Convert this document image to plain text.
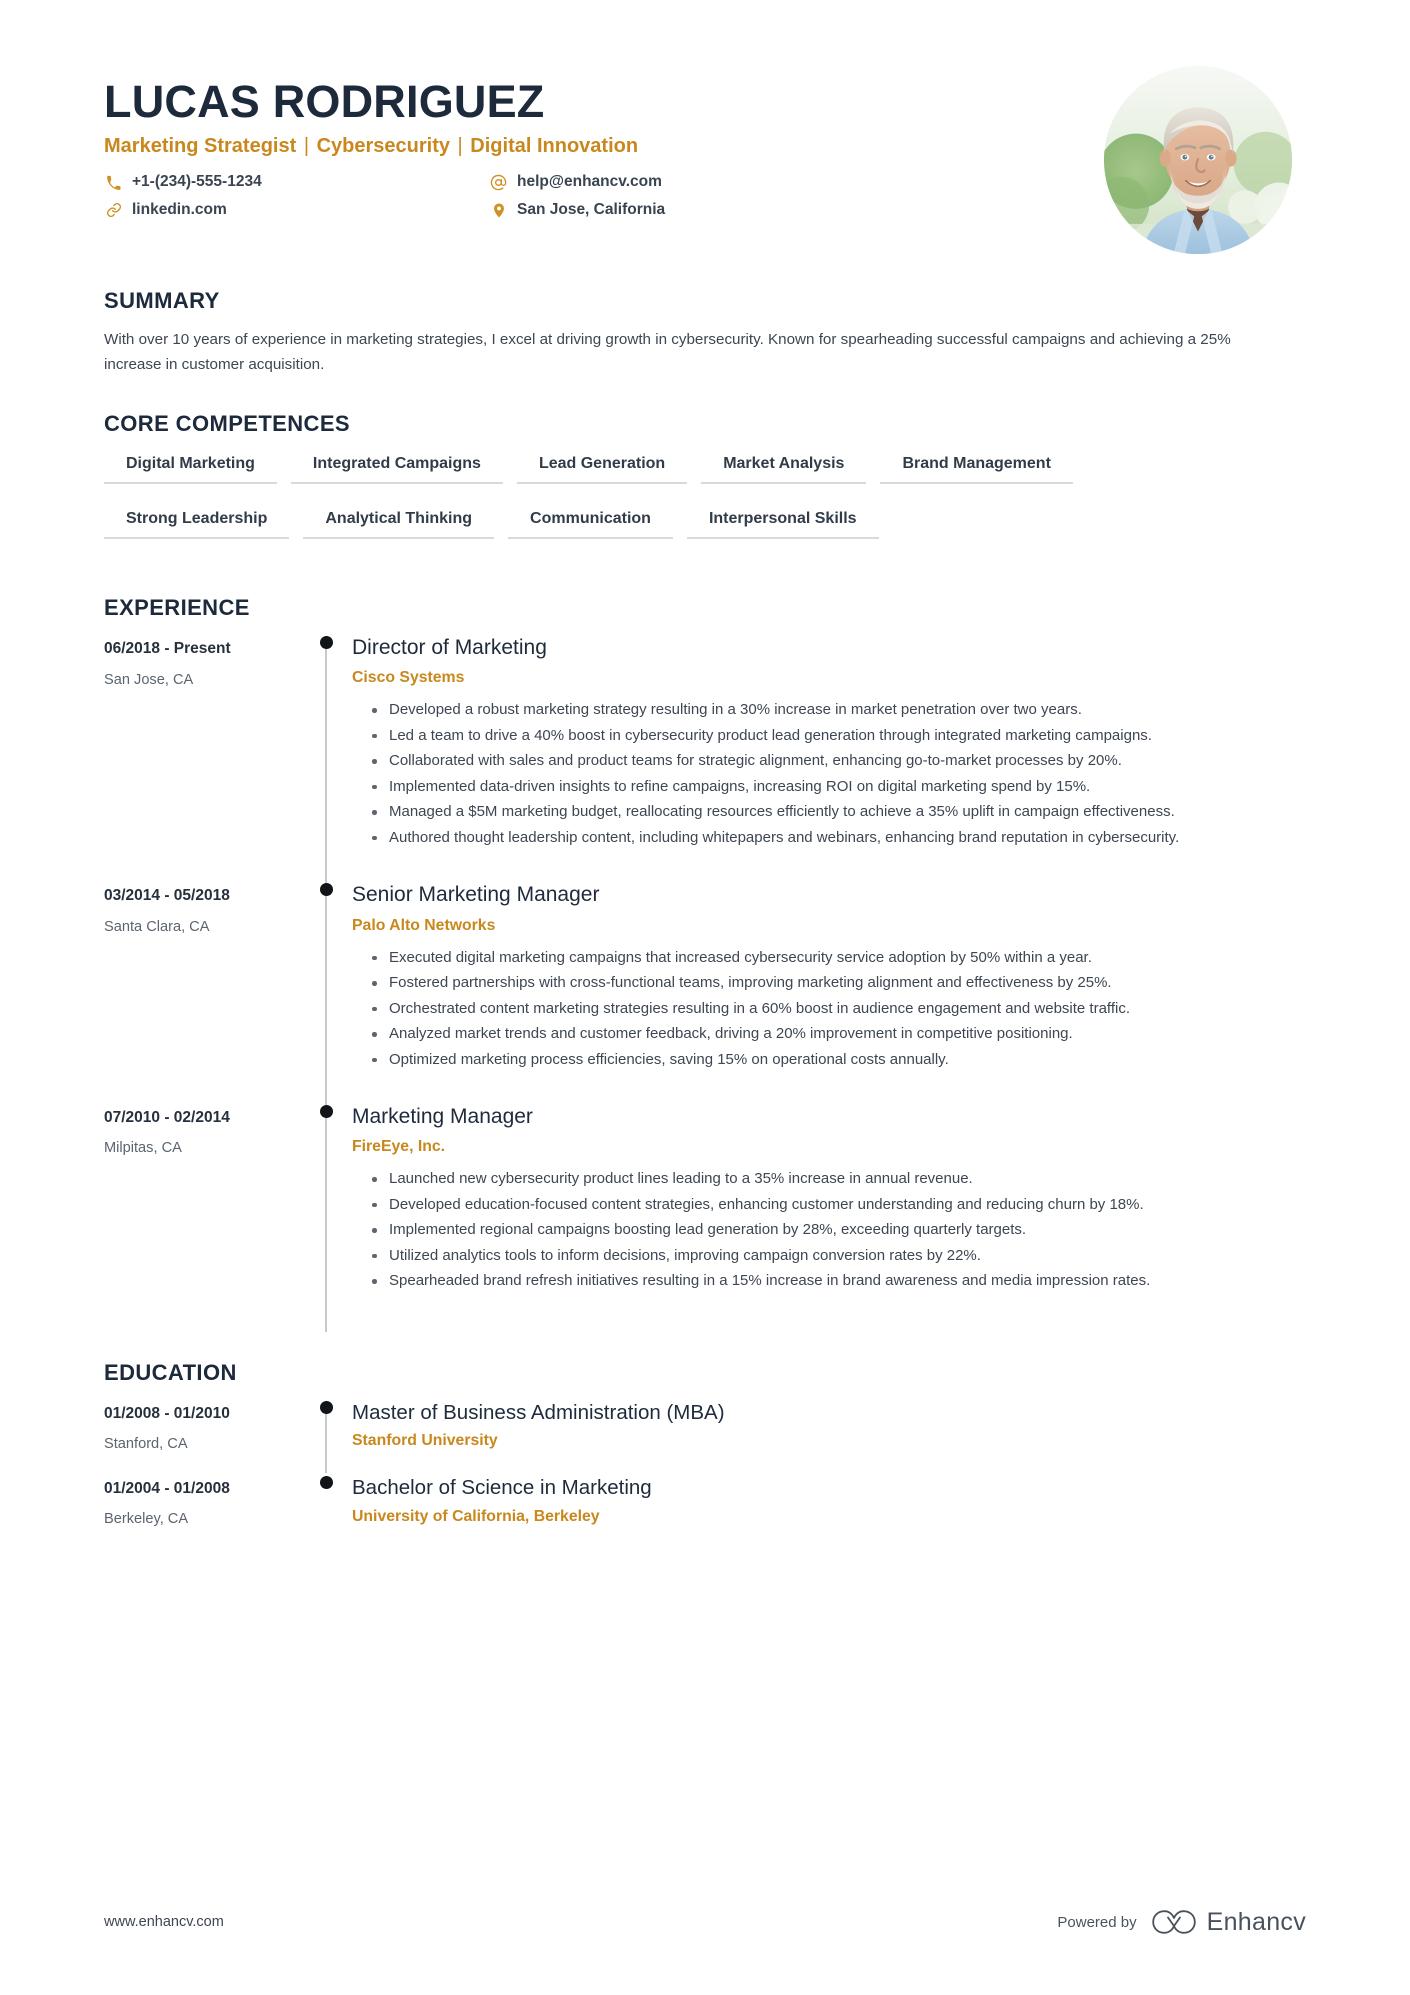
LUCAS RODRIGUEZ
Marketing Strategist | Cybersecurity | Digital Innovation
+1-(234)-555-1234	help@enhancv.com
linkedin.com	San Jose, California
SUMMARY
With over 10 years of experience in marketing strategies, I excel at driving growth in cybersecurity. Known for spearheading successful campaigns and achieving a 25% increase in customer acquisition.
CORE COMPETENCES
Digital Marketing	Integrated Campaigns	Lead Generation	Market Analysis	Brand Management
Strong Leadership	Analytical Thinking	Communication	Interpersonal Skills
EXPERIENCE
06/2018 - Present
San Jose, CA
Director of Marketing
Cisco Systems
Developed a robust marketing strategy resulting in a 30% increase in market penetration over two years.
Led a team to drive a 40% boost in cybersecurity product lead generation through integrated marketing campaigns.
Collaborated with sales and product teams for strategic alignment, enhancing go-to-market processes by 20%.
Implemented data-driven insights to refine campaigns, increasing ROI on digital marketing spend by 15%.
Managed a $5M marketing budget, reallocating resources efficiently to achieve a 35% uplift in campaign effectiveness.
Authored thought leadership content, including whitepapers and webinars, enhancing brand reputation in cybersecurity.
03/2014 - 05/2018
Santa Clara, CA
Senior Marketing Manager
Palo Alto Networks
Executed digital marketing campaigns that increased cybersecurity service adoption by 50% within a year.
Fostered partnerships with cross-functional teams, improving marketing alignment and effectiveness by 25%.
Orchestrated content marketing strategies resulting in a 60% boost in audience engagement and website traffic.
Analyzed market trends and customer feedback, driving a 20% improvement in competitive positioning.
Optimized marketing process efficiencies, saving 15% on operational costs annually.
07/2010 - 02/2014
Milpitas, CA
Marketing Manager
FireEye, Inc.
Launched new cybersecurity product lines leading to a 35% increase in annual revenue.
Developed education-focused content strategies, enhancing customer understanding and reducing churn by 18%.
Implemented regional campaigns boosting lead generation by 28%, exceeding quarterly targets.
Utilized analytics tools to inform decisions, improving campaign conversion rates by 22%.
Spearheaded brand refresh initiatives resulting in a 15% increase in brand awareness and media impression rates.
EDUCATION
01/2008 - 01/2010
Stanford, CA
Master of Business Administration (MBA)
Stanford University
01/2004 - 01/2008
Berkeley, CA
Bachelor of Science in Marketing
University of California, Berkeley
www.enhancv.com	Powered by	Enhancv
